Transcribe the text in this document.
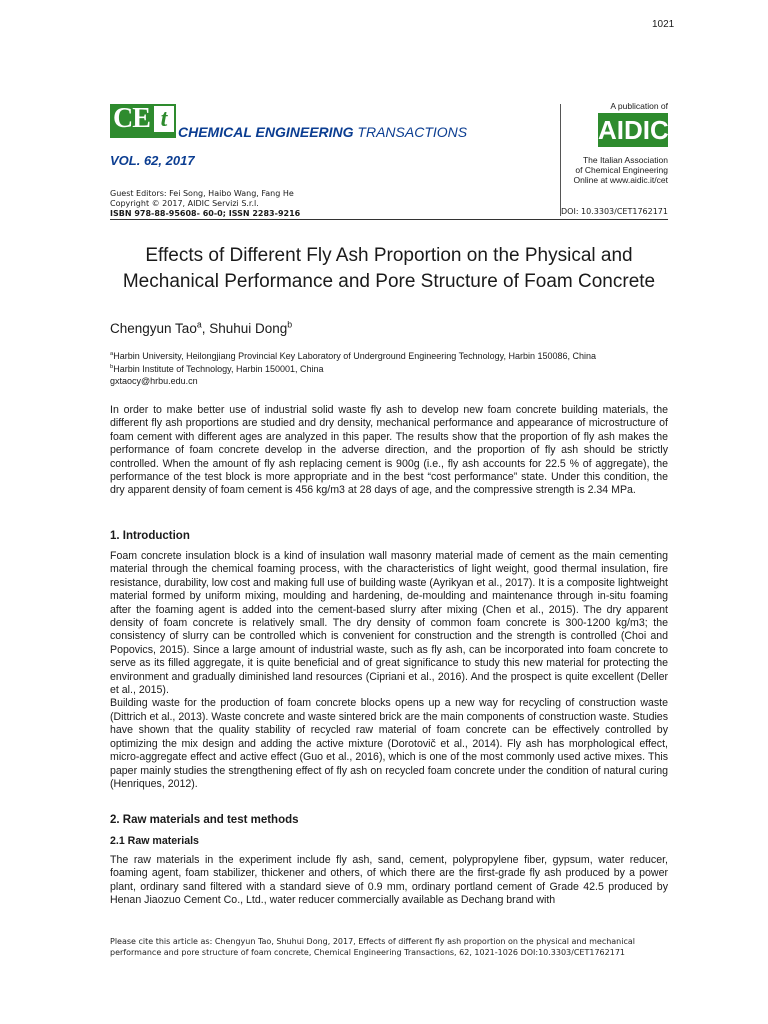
1021
CE t CHEMICAL ENGINEERING TRANSACTIONS
VOL. 62, 2017
A publication of
AIDIC
The Italian Association
of Chemical Engineering
Online at www.aidic.it/cet
Guest Editors: Fei Song, Haibo Wang, Fang He
Copyright © 2017, AIDIC Servizi S.r.l.
ISBN 978-88-95608- 60-0; ISSN 2283-9216	DOI: 10.3303/CET1762171
Effects of Different Fly Ash Proportion on the Physical and Mechanical Performance and Pore Structure of Foam Concrete
Chengyun Tao$^a$, Shuhui Dong$^b$
$^a$Harbin University, Heilongjiang Provincial Key Laboratory of Underground Engineering Technology, Harbin 150086, China
$^b$Harbin Institute of Technology, Harbin 150001, China
gxtaocy@hrbu.edu.cn
In order to make better use of industrial solid waste fly ash to develop new foam concrete building materials, the different fly ash proportions are studied and dry density, mechanical performance and appearance of microstructure of foam cement with different ages are analyzed in this paper. The results show that the proportion of fly ash makes the performance of foam concrete develop in the adverse direction, and the proportion of fly ash should be strictly controlled. When the amount of fly ash replacing cement is 900g (i.e., fly ash accounts for 22.5 % of aggregate), the performance of the test block is more appropriate and in the best “cost performance” state. Under this condition, the dry apparent density of foam cement is 456 kg/m3 at 28 days of age, and the compressive strength is 2.34 MPa.
1. Introduction

Foam concrete insulation block is a kind of insulation wall masonry material made of cement as the main cementing material through the chemical foaming process, with the characteristics of light weight, good thermal insulation, fire resistance, durability, low cost and making full use of building waste (Ayrikyan et al., 2017). It is a composite lightweight material formed by uniform mixing, moulding and hardening, de-moulding and maintenance through in-situ foaming after the foaming agent is added into the cement-based slurry after mixing (Chen et al., 2015). The dry apparent density of foam concrete is relatively small. The dry density of common foam concrete is 300-1200 kg/m3; the consistency of slurry can be controlled which is convenient for construction and the strength is controlled (Choi and Popovics, 2015). Since a large amount of industrial waste, such as fly ash, can be incorporated into foam concrete to serve as its filled aggregate, it is quite beneficial and of great significance to study this new material for protecting the environment and gradually diminished land resources (Cipriani et al., 2016). And the prospect is quite excellent (Deller et al., 2015).

Building waste for the production of foam concrete blocks opens up a new way for recycling of construction waste (Dittrich et al., 2013). Waste concrete and waste sintered brick are the main components of construction waste. Studies have shown that the quality stability of recycled raw material of foam concrete can be effectively controlled by optimizing the mix design and adding the active mixture (Dorotovič et al., 2014). Fly ash has morphological effect, micro-aggregate effect and active effect (Guo et al., 2016), which is one of the most commonly used active mixes. This paper mainly studies the strengthening effect of fly ash on recycled foam concrete under the condition of natural curing (Henriques, 2012).

2. Raw materials and test methods
2.1 Raw materials

The raw materials in the experiment include fly ash, sand, cement, polypropylene fiber, gypsum, water reducer, foaming agent, foam stabilizer, thickener and others, of which there are the first-grade fly ash produced by a power plant, ordinary sand filtered with a standard sieve of 0.9 mm, ordinary portland cement of Grade 42.5 produced by Henan Jiaozuo Cement Co., Ltd., water reducer commercially available as Dechang brand with

Please cite this article as: Chengyun Tao, Shuhui Dong, 2017, Effects of different fly ash proportion on the physical and mechanical performance and pore structure of foam concrete, Chemical Engineering Transactions, 62, 1021-1026 DOI:10.3303/CET1762171
